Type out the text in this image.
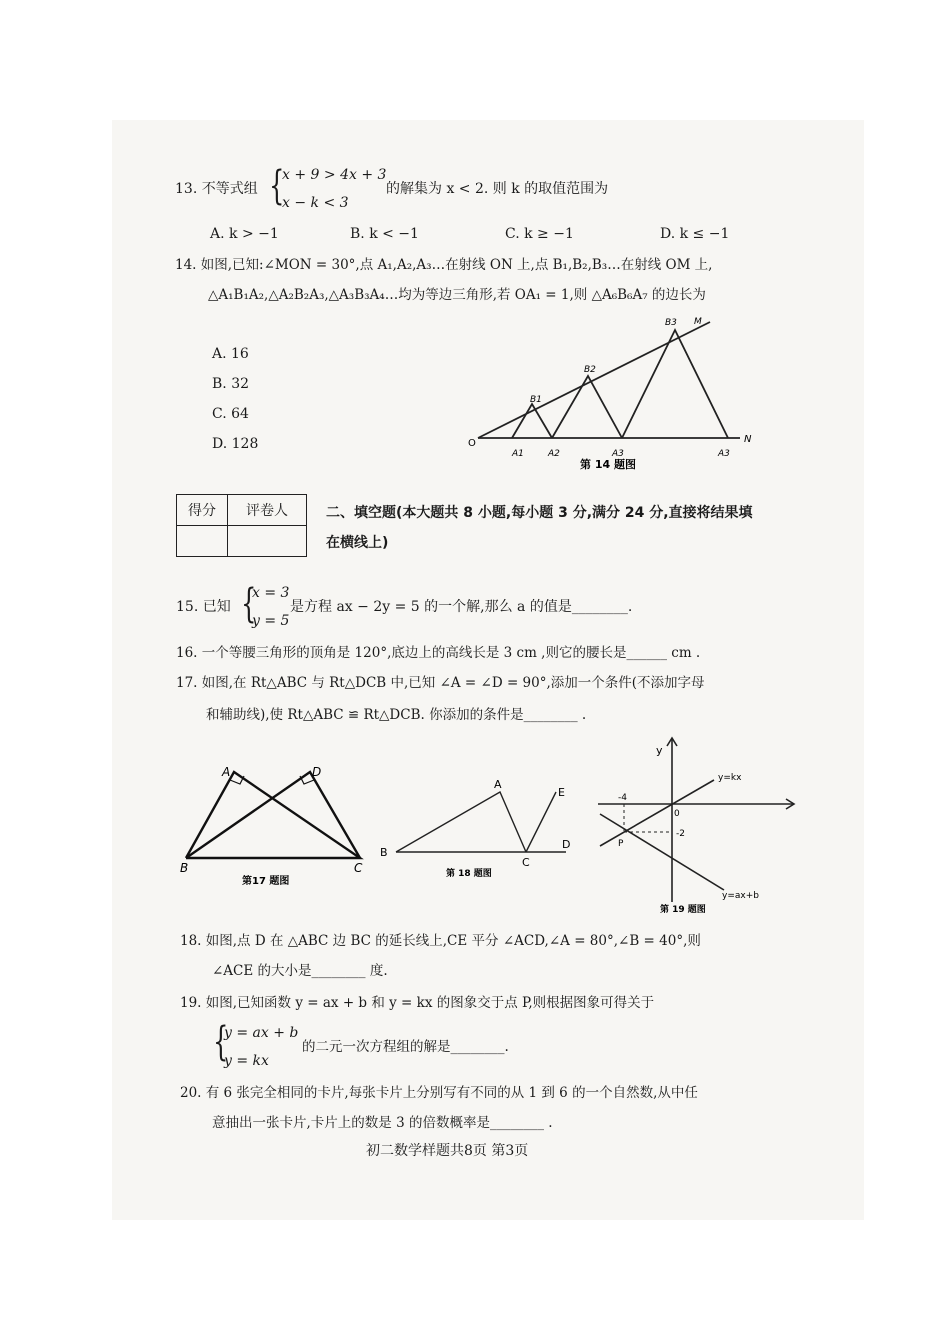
13. 不等式组 {
x + 9 > 4x + 3
x − k < 3
的解集为 x < 2. 则 k 的取值范围为
A. k > −1	B. k < −1	C. k ≥ −1	D. k ≤ −1
14. 如图,已知:∠MON = 30°,点 A₁,A₂,A₃…在射线 ON 上,点 B₁,B₂,B₃…在射线 OM 上,
△A₁B₁A₂,△A₂B₂A₃,△A₃B₃A₄…均为等边三角形,若 OA₁ = 1,则 △A₆B₆A₇ 的边长为
A. 16
B. 32
C. 64
D. 128	O
A1	A2	A3	A3
B1
B2
B3 M
N
第 14 题图
得分	评卷人
		二、填空题(本大题共 8 小题,每小题 3 分,满分 24 分,直接将结果填
在横线上)
15. 已知 {
x = 3
y = 5
是方程 ax − 2y = 5 的一个解,那么 a 的值是________.
16. 一个等腰三角形的顶角是 120°,底边上的高线长是 3 cm ,则它的腰长是______ cm .
17. 如图,在 Rt△ABC 与 Rt△DCB 中,已知 ∠A = ∠D = 90°,添加一个条件(不添加字母
和辅助线),使 Rt△ABC ≌ Rt△DCB. 你添加的条件是________ .
A	D
B	C
第17 题图
A
E
B
C
D
第 18 题图
y
y=kx
-4
0
-2
P
y=ax+b
第 19 题图
18. 如图,点 D 在 △ABC 边 BC 的延长线上,CE 平分 ∠ACD,∠A = 80°,∠B = 40°,则
∠ACE 的大小是________ 度.
19. 如图,已知函数 y = ax + b 和 y = kx 的图象交于点 P,则根据图象可得关于
{
y = ax + b
y = kx
的二元一次方程组的解是________.
20. 有 6 张完全相同的卡片,每张卡片上分别写有不同的从 1 到 6 的一个自然数,从中任
意抽出一张卡片,卡片上的数是 3 的倍数概率是________ .
初二数学样题共8页 第3页
